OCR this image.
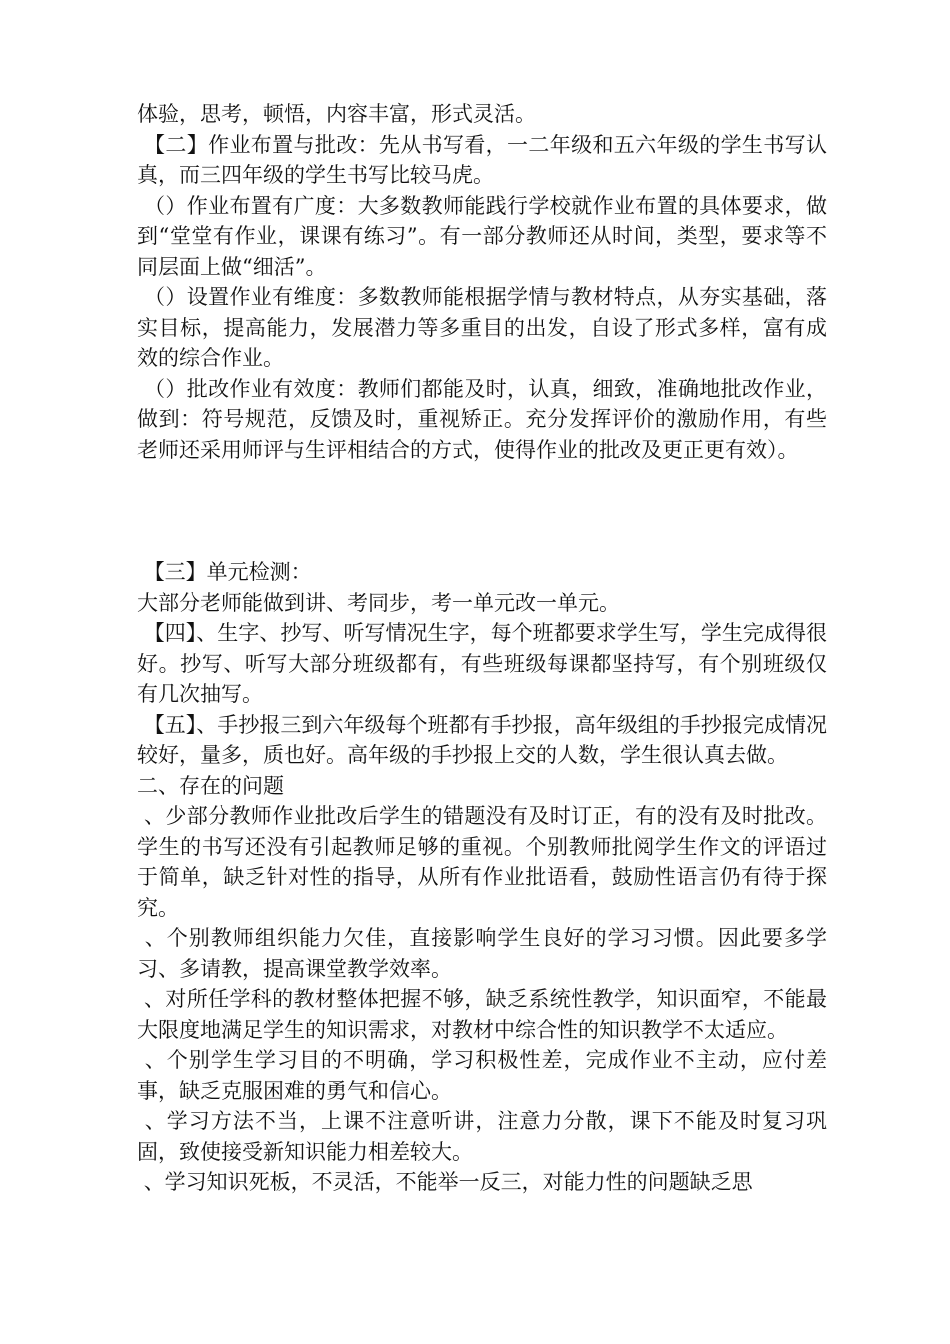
体验，思考，顿悟，内容丰富，形式灵活。

【二】作业布置与批改：先从书写看，一二年级和五六年级的学生书写认真，而三四年级的学生书写比较马虎。

（）作业布置有广度：大多数教师能践行学校就作业布置的具体要求，做到“堂堂有作业，课课有练习”。有一部分教师还从时间，类型，要求等不同层面上做“细活”。

（）设置作业有维度：多数教师能根据学情与教材特点，从夯实基础，落实目标，提高能力，发展潜力等多重目的出发，自设了形式多样，富有成效的综合作业。

（）批改作业有效度：教师们都能及时，认真，细致，准确地批改作业，做到：符号规范，反馈及时，重视矫正。充分发挥评价的激励作用，有些老师还采用师评与生评相结合的方式，使得作业的批改及更正更有效）。

【三】单元检测：

大部分老师能做到讲、考同步，考一单元改一单元。

【四】、生字、抄写、听写情况生字，每个班都要求学生写，学生完成得很好。抄写、听写大部分班级都有，有些班级每课都坚持写，有个别班级仅有几次抽写。

【五】、手抄报三到六年级每个班都有手抄报，高年级组的手抄报完成情况较好，量多，质也好。高年级的手抄报上交的人数，学生很认真去做。

二、存在的问题

、少部分教师作业批改后学生的错题没有及时订正，有的没有及时批改。学生的书写还没有引起教师足够的重视。个别教师批阅学生作文的评语过于简单，缺乏针对性的指导，从所有作业批语看，鼓励性语言仍有待于探究。

、个别教师组织能力欠佳，直接影响学生良好的学习习惯。因此要多学习、多请教，提高课堂教学效率。

、对所任学科的教材整体把握不够，缺乏系统性教学，知识面窄，不能最大限度地满足学生的知识需求，对教材中综合性的知识教学不太适应。

、个别学生学习目的不明确，学习积极性差，完成作业不主动，应付差事，缺乏克服困难的勇气和信心。

、学习方法不当，上课不注意听讲，注意力分散，课下不能及时复习巩固，致使接受新知识能力相差较大。

、学习知识死板，不灵活，不能举一反三，对能力性的问题缺乏思
